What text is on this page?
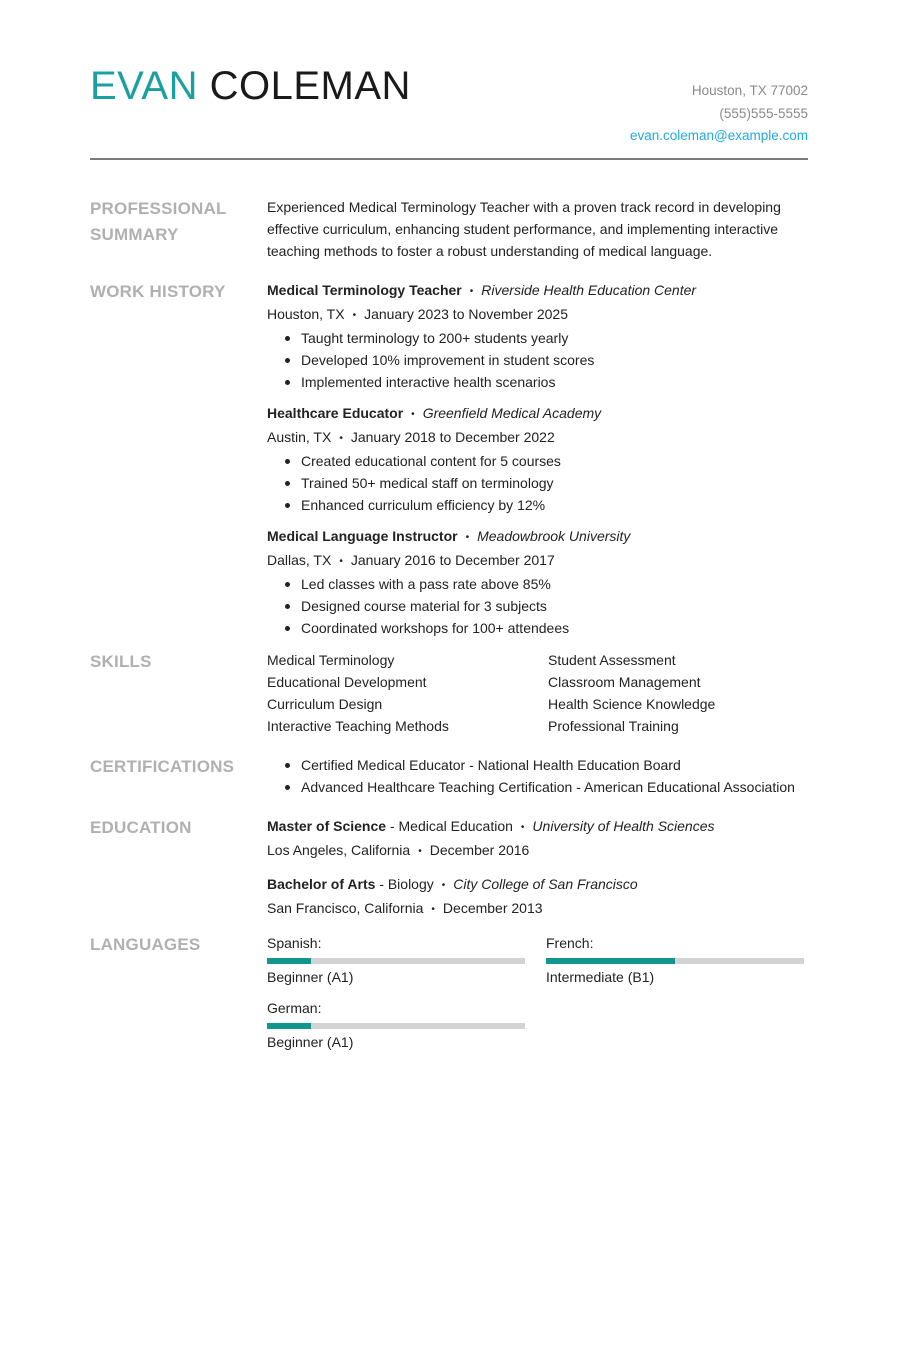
EVAN COLEMAN	Houston, TX 77002
(555)555-5555
evan.coleman@example.com
PROFESSIONAL
SUMMARY

Experienced Medical Terminology Teacher with a proven track record in developing effective curriculum, enhancing student performance, and implementing interactive teaching methods to foster a robust understanding of medical language.

WORK HISTORY	Medical Terminology Teacher • Riverside Health Education Center
Houston, TX • January 2023 to November 2025
Taught terminology to 200+ students yearly
Developed 10% improvement in student scores
Implemented interactive health scenarios
Healthcare Educator • Greenfield Medical Academy
Austin, TX • January 2018 to December 2022
Created educational content for 5 courses
Trained 50+ medical staff on terminology
Enhanced curriculum efficiency by 12%
Medical Language Instructor • Meadowbrook University
Dallas, TX • January 2016 to December 2017
Led classes with a pass rate above 85%
Designed course material for 3 subjects
Coordinated workshops for 100+ attendees
SKILLS	Medical Terminology	Student Assessment
Educational Development	Classroom Management
Curriculum Design	Health Science Knowledge
Interactive Teaching Methods	Professional Training
CERTIFICATIONS	Certified Medical Educator - National Health Education Board
Advanced Healthcare Teaching Certification - American Educational Association
EDUCATION	Master of Science - Medical Education • University of Health Sciences
Los Angeles, California • December 2016
Bachelor of Arts - Biology • City College of San Francisco
San Francisco, California • December 2013
LANGUAGES	Spanish:
Beginner (A1)
French:
Intermediate (B1)
German:
Beginner (A1)
